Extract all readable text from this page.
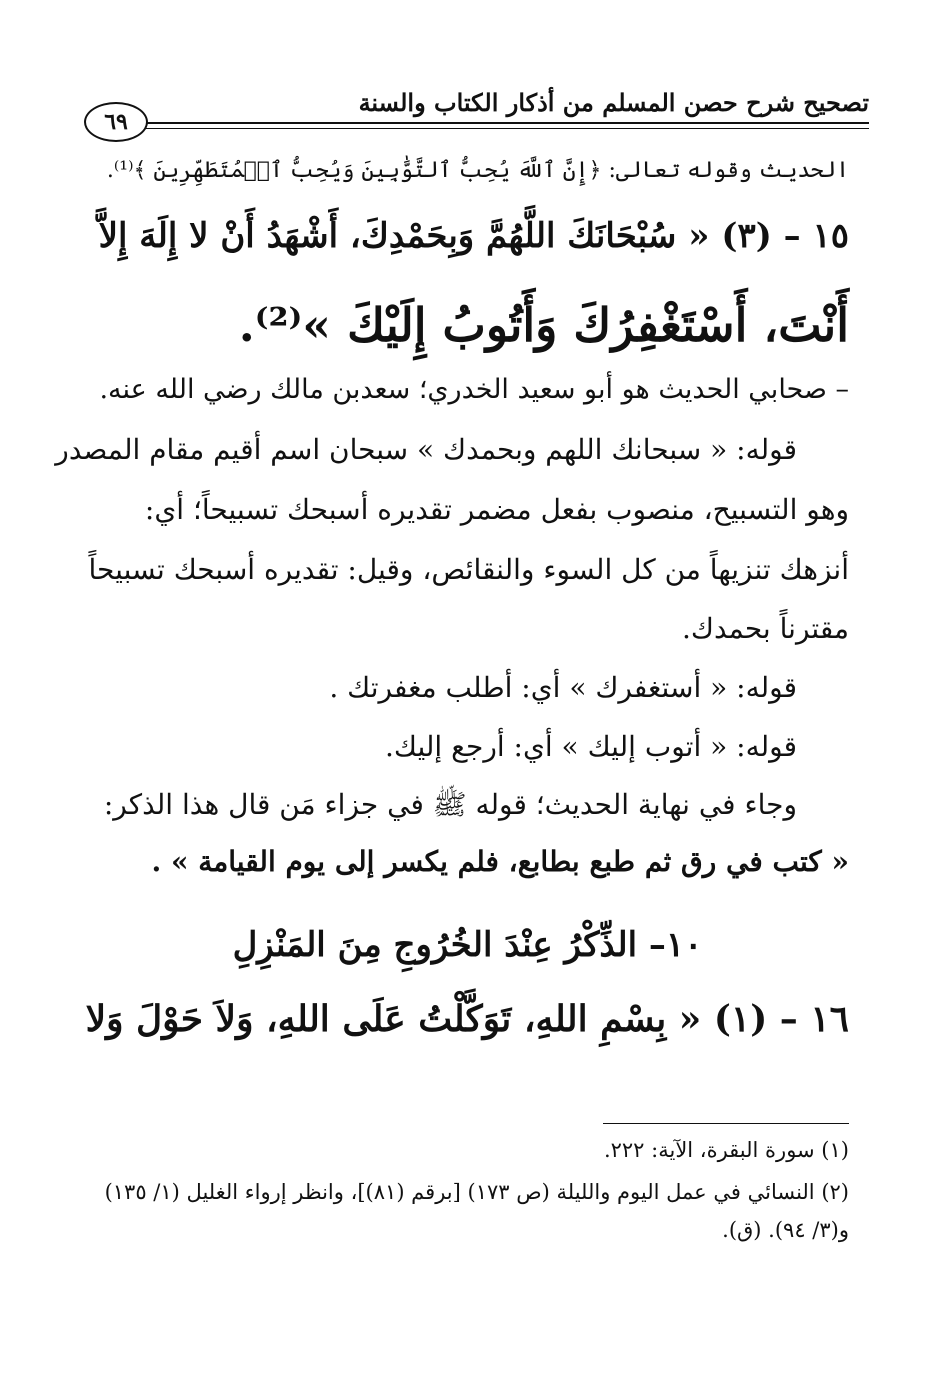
تصحيح شرح حصن المسلم من أذكار الكتاب والسنة
٦٩
الحديث وقوله تعالى: ﴿إِنَّ ٱللَّهَ يُحِبُّ ٱلتَّوَّٰبِينَ وَيُحِبُّ ٱلۡمُتَطَهِّرِينَ ﴾⁽¹⁾.
١٥ – (٣) « سُبْحَانَكَ اللَّهُمَّ وَبِحَمْدِكَ، أَشْهَدُ أَنْ لا إِلَهَ إِلاَّ
أَنْتَ، أَسْتَغْفِرُكَ وَأَتُوبُ إِلَيْكَ »⁽²⁾.
– صحابي الحديث هو أبو سعيد الخدري؛ سعدبن مالك رضي الله عنه.
قوله: « سبحانك اللهم وبحمدك » سبحان اسم أقيم مقام المصدر
وهو التسبيح، منصوب بفعل مضمر تقديره أسبحك تسبيحاً؛ أي:
أنزهك تنزيهاً من كل السوء والنقائص، وقيل: تقديره أسبحك تسبيحاً
مقترناً بحمدك.
قوله: « أستغفرك » أي: أطلب مغفرتك .
قوله: « أتوب إليك » أي: أرجع إليك.
وجاء في نهاية الحديث؛ قوله ﷺ في جزاء مَن قال هذا الذكر:
« كتب في رق ثم طبع بطابع، فلم يكسر إلى يوم القيامة » .
١٠– الذِّكْرُ عِنْدَ الخُرُوجِ مِنَ المَنْزِلِ
١٦ – (١) « بِسْمِ اللهِ، تَوَكَّلْتُ عَلَى اللهِ، وَلاَ حَوْلَ وَلا
(١) سورة البقرة، الآية: ٢٢٢.
(٢) النسائي في عمل اليوم والليلة (ص ١٧٣) [برقم (٨١)]، وانظر إرواء الغليل (١/ ١٣٥)
و(٣/ ٩٤). (ق).
